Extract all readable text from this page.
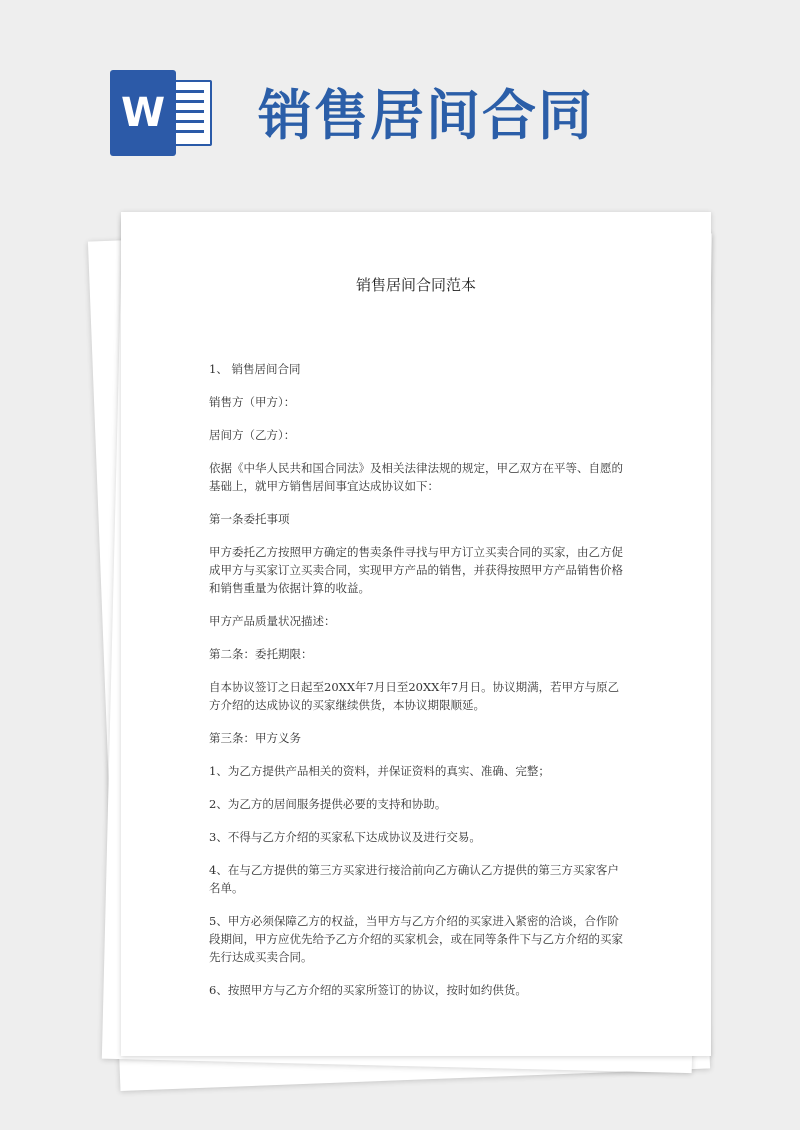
W 销售居间合同
销售居间合同范本

1、 销售居间合同

销售方（甲方）：

居间方（乙方）：

依据《中华人民共和国合同法》及相关法律法规的规定，甲乙双方在平等、自愿的基础上，就甲方销售居间事宜达成协议如下：

第一条委托事项

甲方委托乙方按照甲方确定的售卖条件寻找与甲方订立买卖合同的买家，由乙方促成甲方与买家订立买卖合同，实现甲方产品的销售，并获得按照甲方产品销售价格和销售重量为依据计算的收益。

甲方产品质量状况描述：

第二条：委托期限：

自本协议签订之日起至20XX年7月日至20XX年7月日。协议期满，若甲方与原乙方介绍的达成协议的买家继续供货，本协议期限顺延。

第三条：甲方义务

1、为乙方提供产品相关的资料，并保证资料的真实、准确、完整；

2、为乙方的居间服务提供必要的支持和协助。

3、不得与乙方介绍的买家私下达成协议及进行交易。

4、在与乙方提供的第三方买家进行接洽前向乙方确认乙方提供的第三方买家客户名单。

5、甲方必须保障乙方的权益，当甲方与乙方介绍的买家进入紧密的洽谈，合作阶段期间，甲方应优先给予乙方介绍的买家机会，或在同等条件下与乙方介绍的买家先行达成买卖合同。

6、按照甲方与乙方介绍的买家所签订的协议，按时如约供货。
